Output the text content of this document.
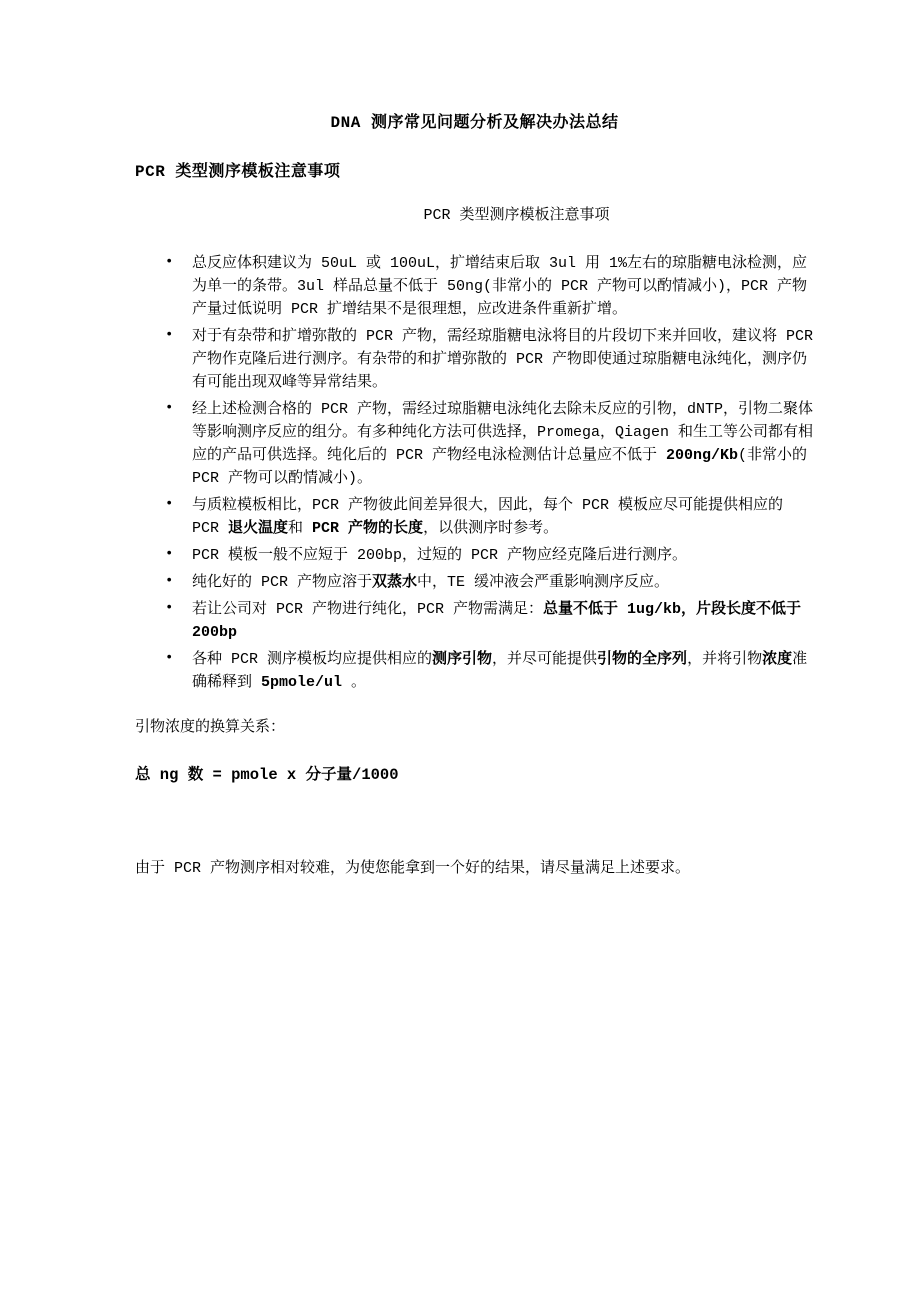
DNA 测序常见问题分析及解决办法总结

PCR 类型测序模板注意事项

PCR 类型测序模板注意事项

• 总反应体积建议为 50uL 或 100uL，扩增结束后取 3ul 用 1%左右的琼脂糖电泳检测，应为单一的条带。3ul 样品总量不低于 50ng(非常小的 PCR 产物可以酌情减小)，PCR 产物产量过低说明 PCR 扩增结果不是很理想，应改进条件重新扩增。
• 对于有杂带和扩增弥散的 PCR 产物，需经琼脂糖电泳将目的片段切下来并回收，建议将 PCR 产物作克隆后进行测序。有杂带的和扩增弥散的 PCR 产物即使通过琼脂糖电泳纯化，测序仍有可能出现双峰等异常结果。
• 经上述检测合格的 PCR 产物，需经过琼脂糖电泳纯化去除未反应的引物，dNTP，引物二聚体等影响测序反应的组分。有多种纯化方法可供选择，Promega，Qiagen 和生工等公司都有相应的产品可供选择。纯化后的 PCR 产物经电泳检测估计总量应不低于 200ng/Kb(非常小的 PCR 产物可以酌情减小)。
• 与质粒模板相比，PCR 产物彼此间差异很大，因此，每个 PCR 模板应尽可能提供相应的 PCR 退火温度和 PCR 产物的长度，以供测序时参考。
• PCR 模板一般不应短于 200bp，过短的 PCR 产物应经克隆后进行测序。
• 纯化好的 PCR 产物应溶于双蒸水中，TE 缓冲液会严重影响测序反应。
• 若让公司对 PCR 产物进行纯化，PCR 产物需满足：总量不低于 1ug/kb，片段长度不低于 200bp
• 各种 PCR 测序模板均应提供相应的测序引物，并尽可能提供引物的全序列，并将引物浓度准确稀释到 5pmole/ul 。

引物浓度的换算关系：

总 ng 数 = pmole x 分子量/1000

由于 PCR 产物测序相对较难，为使您能拿到一个好的结果，请尽量满足上述要求。
